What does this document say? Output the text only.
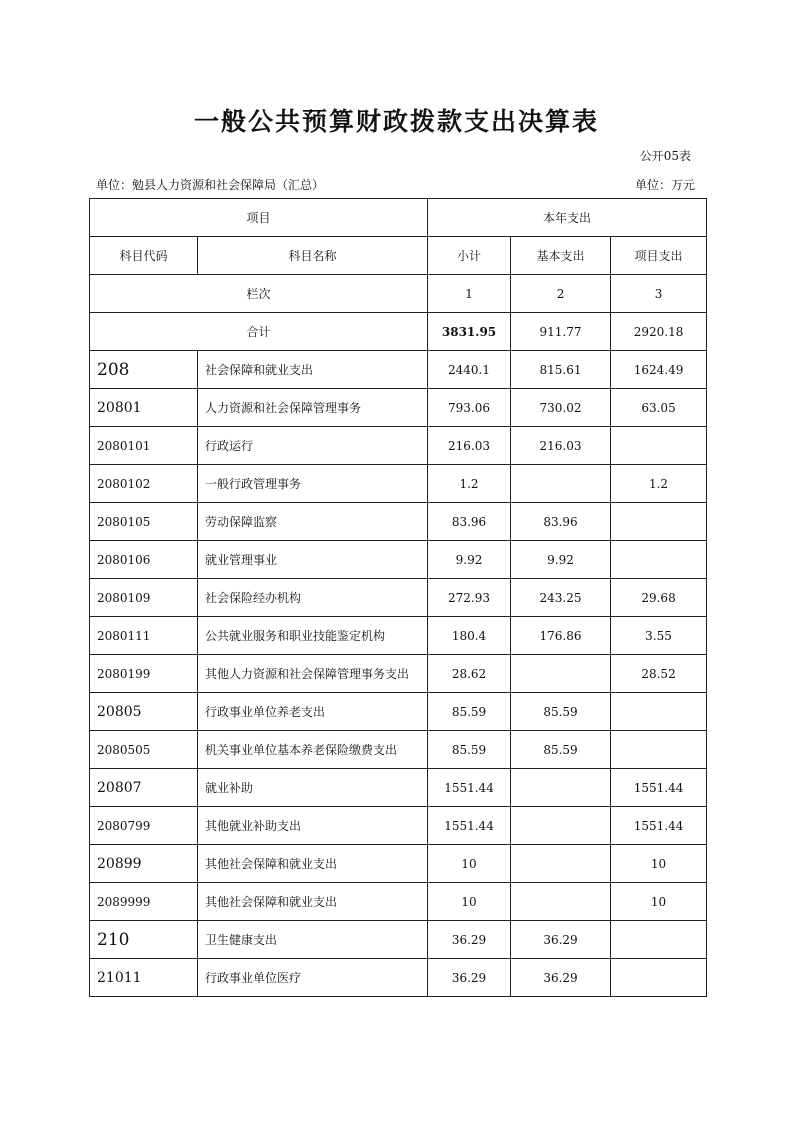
一般公共预算财政拨款支出决算表
公开05表
单位：勉县人力资源和社会保障局（汇总）	单位：万元
项目		本年支出		
科目代码	科目名称	小计	基本支出	项目支出
栏次		1	2	3
合计		3831.95	911.77	2920.18
208	社会保障和就业支出	2440.1	815.61	1624.49
20801	人力资源和社会保障管理事务	793.06	730.02	63.05
2080101	行政运行	216.03	216.03	
2080102	一般行政管理事务	1.2		1.2
2080105	劳动保障监察	83.96	83.96	
2080106	就业管理事业	9.92	9.92	
2080109	社会保险经办机构	272.93	243.25	29.68
2080111	公共就业服务和职业技能鉴定机构	180.4	176.86	3.55
2080199	其他人力资源和社会保障管理事务支出	28.62		28.52
20805	行政事业单位养老支出	85.59	85.59	
2080505	机关事业单位基本养老保险缴费支出	85.59	85.59	
20807	就业补助	1551.44		1551.44
2080799	其他就业补助支出	1551.44		1551.44
20899	其他社会保障和就业支出	10		10
2089999	其他社会保障和就业支出	10		10
210	卫生健康支出	36.29	36.29	
21011	行政事业单位医疗	36.29	36.29	
